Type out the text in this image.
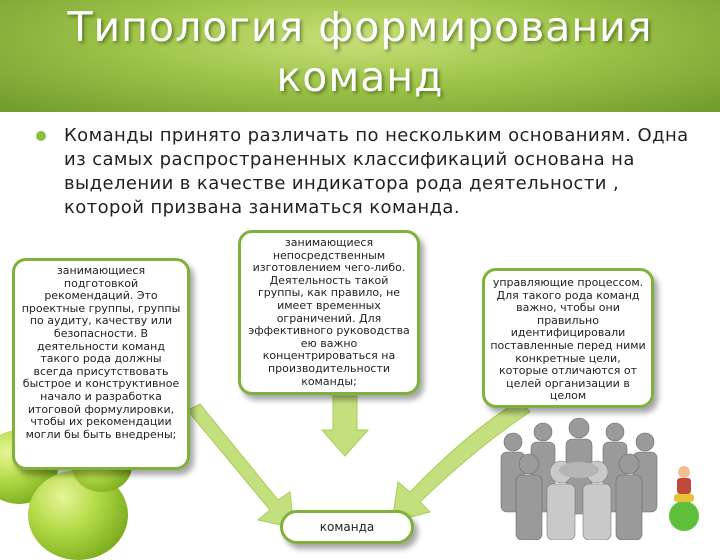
Типология формирования
команд
Команды принято различать по нескольким основаниям. Одна из самых распространенных классификаций основана на выделении в качестве индикатора рода деятельности , которой призвана заниматься команда.
занимающиеся подготовкой рекомендаций. Это проектные группы, группы по аудиту, качеству или безопасности. В деятельности команд такого рода должны всегда присутствовать быстрое и конструктивное начало и разработка итоговой формулировки, чтобы их рекомендации могли бы быть внедрены;
занимающиеся непосредственным изготовлением чего-либо. Деятельность такой группы, как правило, не имеет временных ограничений. Для эффективного руководства ею важно концентрироваться на производительности команды;
управляющие процессом. Для такого рода команд важно, чтобы они правильно идентифицировали поставленные перед ними конкретные цели, которые отличаются от целей организации в целом
команда
